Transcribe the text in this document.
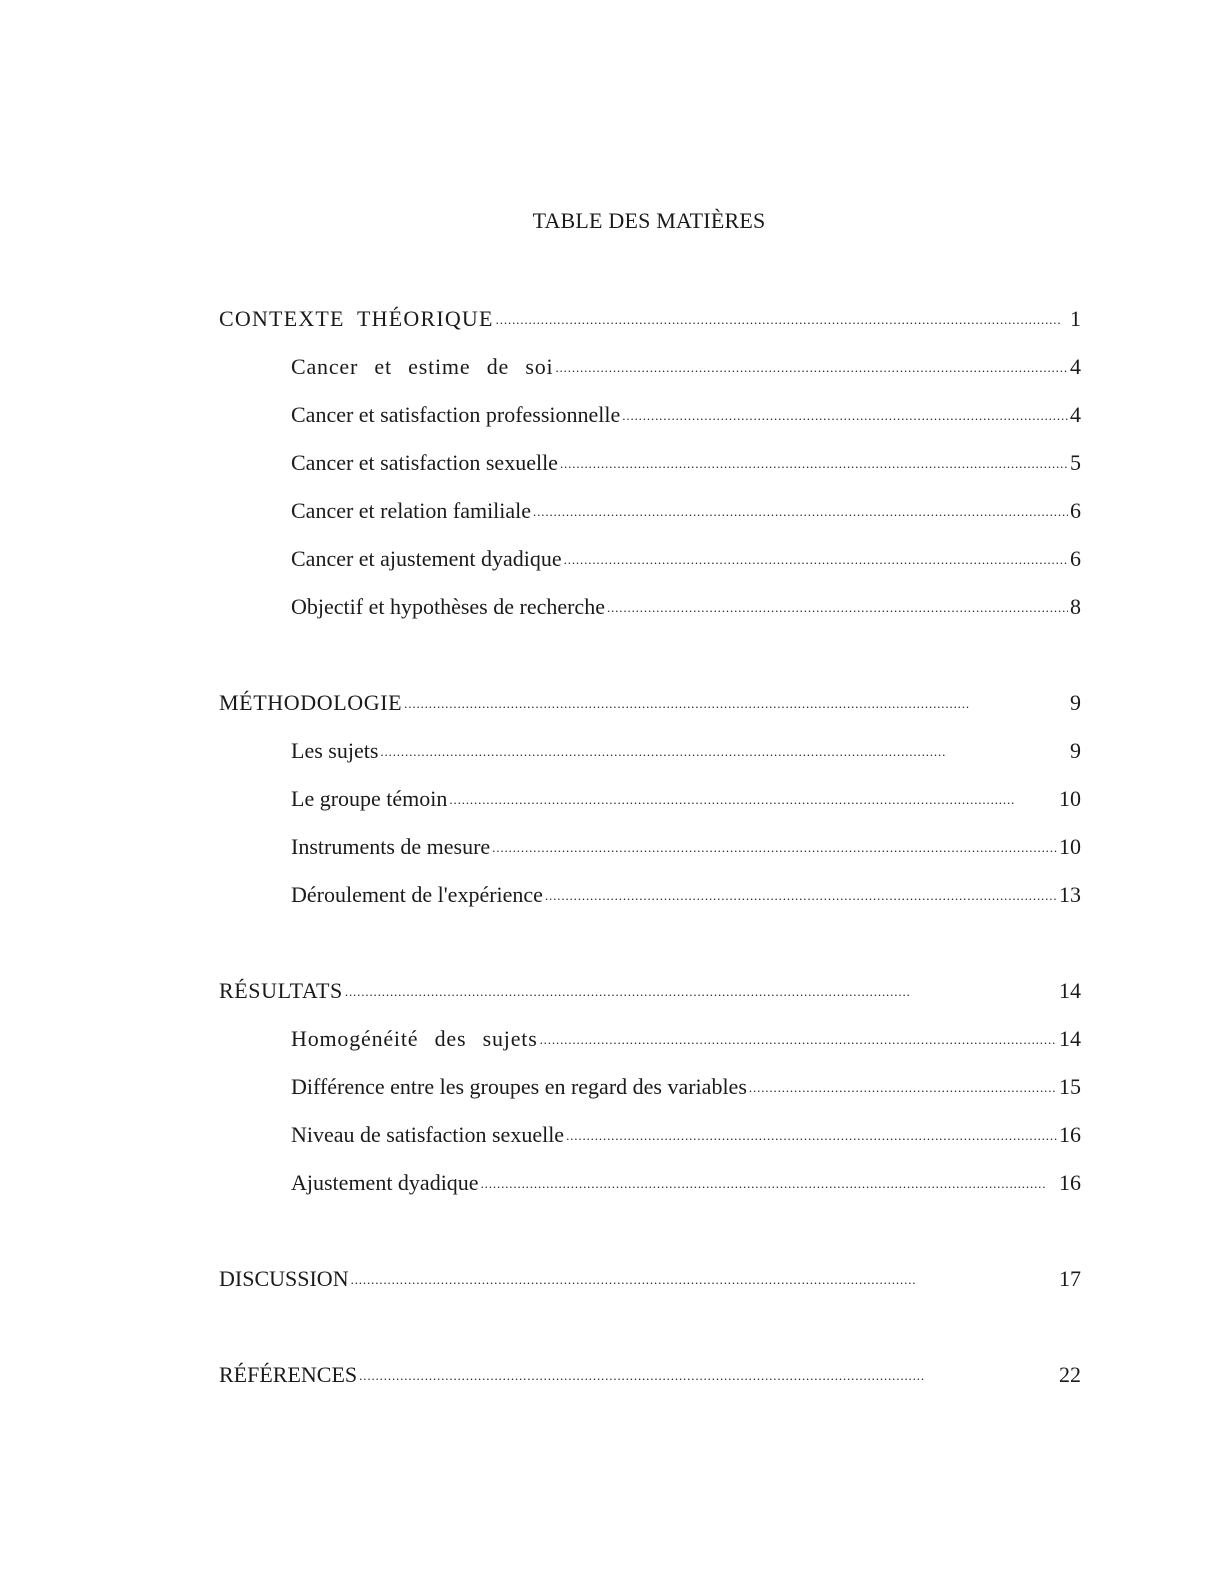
TABLE DES MATIÈRES
CONTEXTE THÉORIQUE . . .	1
Cancer et estime de soi . . .	4
Cancer et satisfaction professionnelle . . .	4
Cancer et satisfaction sexuelle . . .	5
Cancer et relation familiale . . .	6
Cancer et ajustement dyadique . . .	6
Objectif et hypothèses de recherche . . .	8
MÉTHODOLOGIE . . .	9
Les sujets . . .	9
Le groupe témoin . . .	10
Instruments de mesure . . .	10
Déroulement de l'expérience . . .	13
RÉSULTATS . . .	14
Homogénéité des sujets . . .	14
Différence entre les groupes en regard des variables . . .	15
Niveau de satisfaction sexuelle . . .	16
Ajustement dyadique . . .	16
DISCUSSION . . .	17
RÉFÉRENCES . . .	22
